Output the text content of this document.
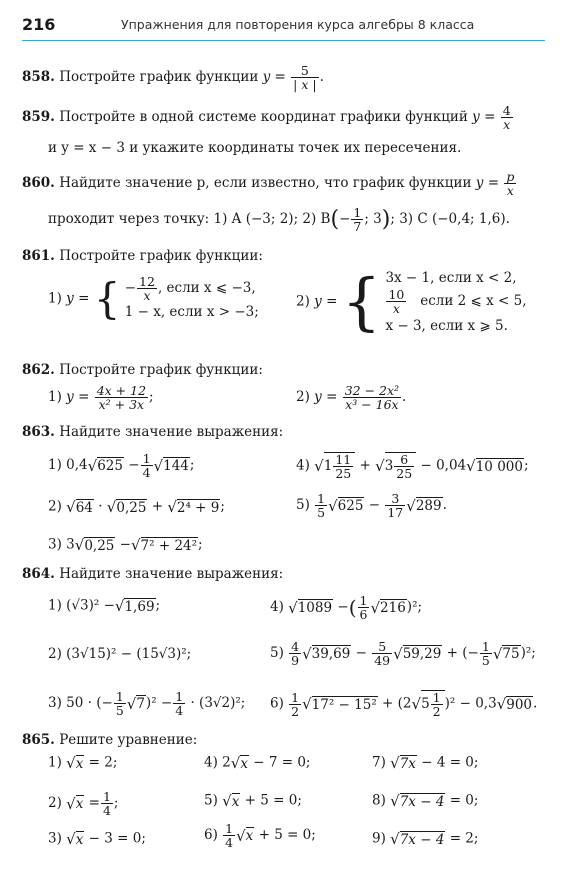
216	Упражнения для повторения курса алгебры 8 класса
858. Постройте график функции $y = \frac{5}{| x |}$ .
859. Постройте в одной системе координат графики функций $y = \frac{4}{x}$
и y = x − 3 и укажите координаты точек их пересечения.
860. Найдите значение p, если известно, что график функции $y = \frac{p}{x}$
проходит через точку: 1) A (−3; 2); 2) $B(- \frac{1}{7}$ ; 3); 3) C (−0,4; 1,6).
861. Постройте график функции:
1) y = { − $\frac{12}{x}$ , если x ⩽ −3,
1 − x, если x > −3;
2) y = { 3x − 1, если x < 2,
$\frac{10}{x}$ если 2 ⩽ x < 5,
x − 3, если x ⩾ 5.
862. Постройте график функции:
1) $y = \frac{4x + 12}{\text{x² + 3x}}$ ;	2) $y = \frac{\text{32 − 2x²}}{\text{x³ − 16x}}$ .
863. Найдите значение выражения:
1) 0,4√ $625 - \frac{1}{4}$
√ 144;	4) √ $1 \frac{11}{25}$ + √ $3 \frac{6}{25} - 0,04√$ 10 000;
2) √ 64 · √ 0,25 + √ 2⁴ + 9;	$5) \frac{1}{5}$
√ $625 - \frac{3}{17}$
√ 289.
3) 3√ 0,25 −√ 7² + 24²;
864. Найдите значение выражения:
1) (√3)² −√ 1,69;	4) √ 1089 −( $\frac{1}{6}$
√ 216)²;
2) (3√15)² − (15√3)²;	$5) \frac{4}{9}$
√ $39,69 - \frac{5}{49}$
√ 59,29 + (− $\frac{1}{5}$
√ 75)²;
3) 50 · (− $\frac{1}{5}$
√ $7)^2 - \frac{1}{4} \cdot (3√2)^2$; $6) \frac{1}{2}$
√ 17² − 15² + (2√ $5 \frac{1}{2} )^2 - 0,3√$ 900.
865. Решите уравнение:
1) √ x = 2;	4) 2√ x − 7 = 0;	7) √ 7x − 4 = 0;
2) √ $x = \frac{1}{4}$ ;	5) √ x + 5 = 0;	8) √ 7x − 4 = 0;
3) √ x − 3 = 0;	$6) \frac{1}{4}$
√ x + 5 = 0;	9) √ 7x − 4 = 2;
